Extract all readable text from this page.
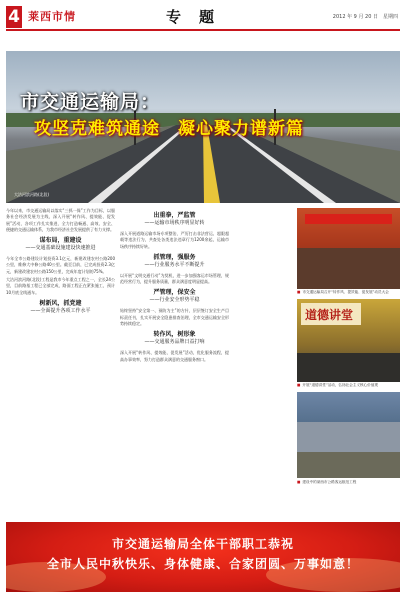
4 莱西市情	专题	2012 年 9 月 20 日　星期四
市交通运输局：
攻坚克难筑通途　凝心聚力谱新篇
大沽河滨河路(北段)

今年以来，市交通运输局以落实“三抓一保”工作为目标，以服务社会经济发展为主线，深入开展“转作风、提效能、促发展”活动，各项工作扎实推进，全力打造畅通、高效、安全、便捷的交通运输体系，为我市经济社会发展提供了有力支撑。

谋布局，重建设
——交通基础设施建设快速推进

今年全市公路建设计划投资3.1亿元，新建改建农村公路200公里，维修大中修公路40公里。截至目前，已完成投资2.3亿元，新建改建农村公路150公里，完成年度计划的75%。

大沽河滨河路(北段)工程是我市今年重点工程之一，全长24公里，目前路基工程已全部完成，路面工程正在紧张施工，预计10月底全线通车。

树新风，抓党建
——全面提升各项工作水平
出重拳，严监管
——运输市场秩序明显好转

深入开展道路运输市场专项整治，严厉打击非法营运、超限超载等违法行为，共查处各类违法违章行为1200余起，运输市场秩序持续好转。

抓管理，强服务
——行业服务水平不断提升

以开展“文明交通行动”为契机，进一步加强客运市场管理，规范经营行为，提升服务质量，群众满意度明显提高。

严管理，保安全
——行业安全形势平稳

始终坚持“安全第一、预防为主”的方针，层层签订安全生产目标责任书，扎实开展安全隐患排查治理，全市交通运输安全形势持续稳定。

转作风，树形象
——交通服务品牌日益打响

深入开展“转作风、提效能、促发展”活动，优化服务流程，提高办事效率，努力打造群众满意的交通服务窗口。

■ 市交通运输局召开“转作风、提效能、促发展”动员大会
道德讲堂
■ 开展“道德讲堂”活动，弘扬社会主义核心价值观
■ 建设中的莱西市公路客运枢纽工程
市交通运输局全体干部职工恭祝
全市人民中秋快乐、身体健康、合家团圆、万事如意！
